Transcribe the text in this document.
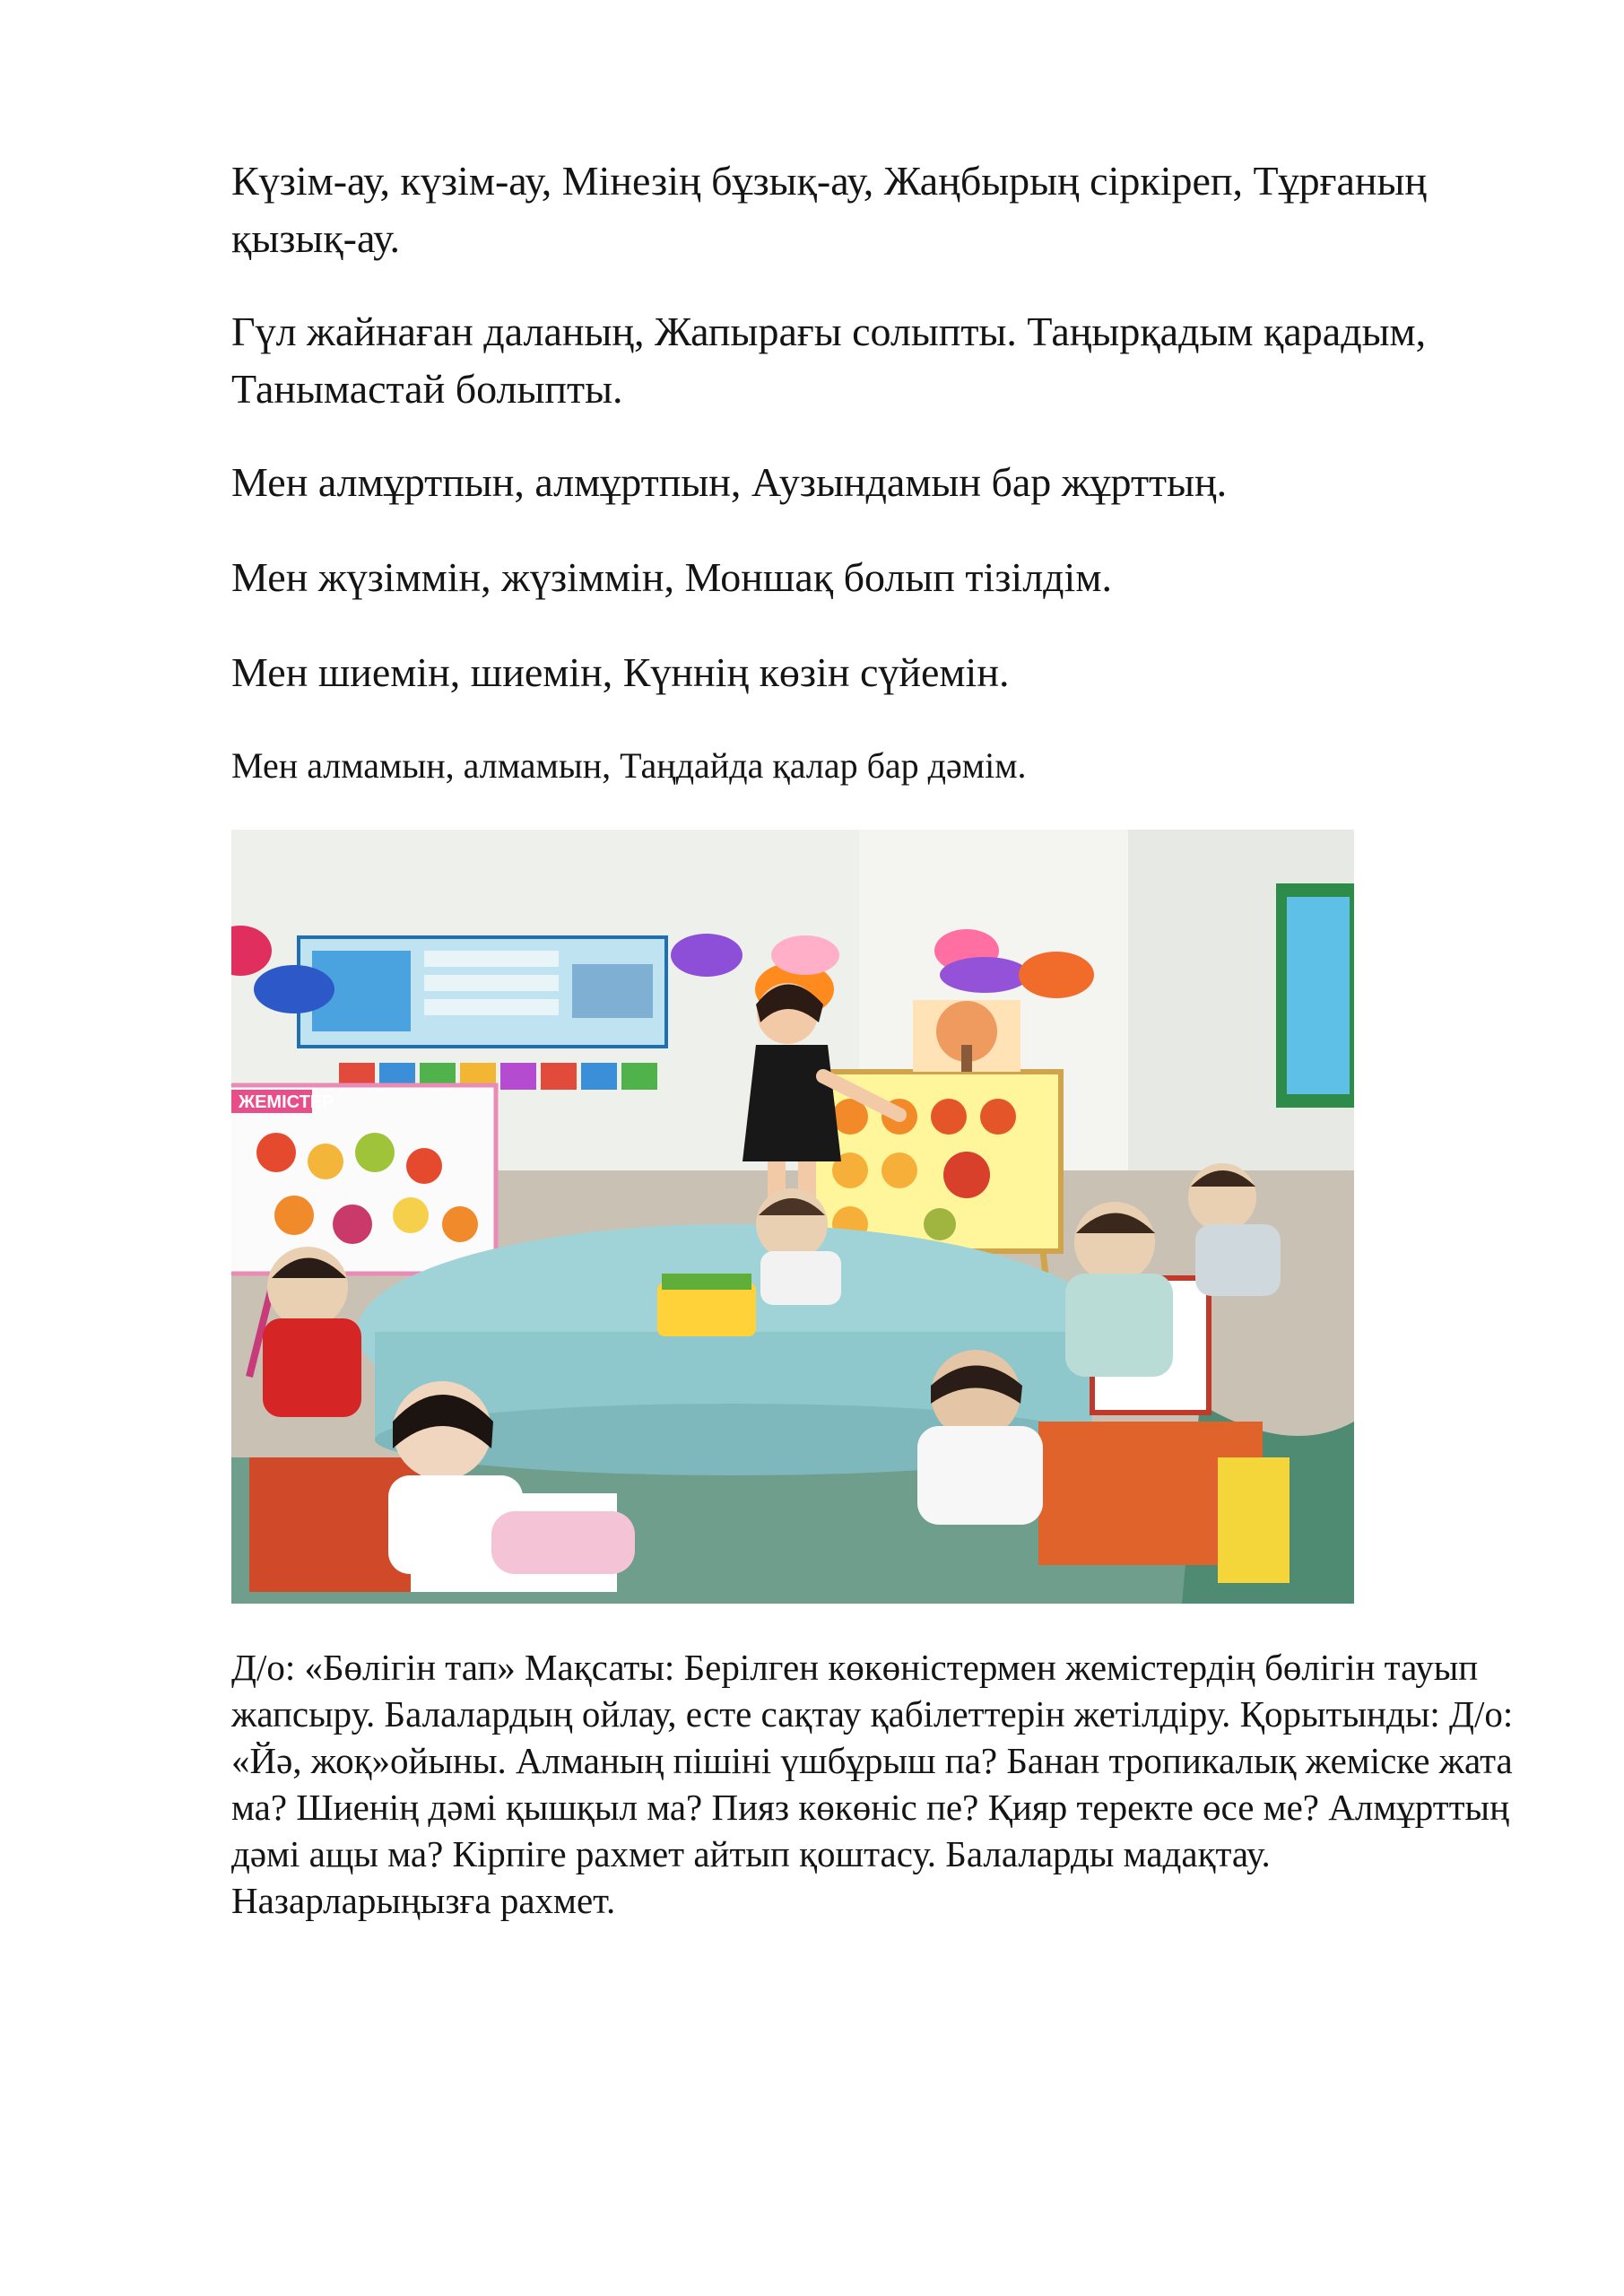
Күзім-ау, күзім-ау, Мінезің бұзық-ау, Жаңбырың сіркіреп, Тұрғаның қызық-ау.

Гүл жайнаған даланың, Жапырағы солыпты. Таңырқадым қарадым, Танымастай болыпты.

Мен алмұртпын, алмұртпын, Аузындамын бар жұрттың.

Мен жүзіммін, жүзіммін, Моншақ болып тізілдім.

Мен шиемін, шиемін, Күннің көзін сүйемін.

Мен алмамын, алмамын, Таңдайда қалар бар дәмім.

ЖЕМІСТЕР

Д/о: «Бөлігін тап» Мақсаты: Берілген көкөністермен жемістердің бөлігін тауып жапсыру. Балалардың ойлау, есте сақтау қабілеттерін жетілдіру. Қорытынды: Д/о: «Йә, жоқ»ойыны. Алманың пішіні үшбұрыш па? Банан тропикалық жеміске жата ма? Шиенің дәмі қышқыл ма? Пияз көкөніс пе? Қияр теректе өсе ме? Алмұрттың дәмі ащы ма? Кірпіге рахмет айтып қоштасу. Балаларды мадақтау. Назарларыңызға рахмет.
